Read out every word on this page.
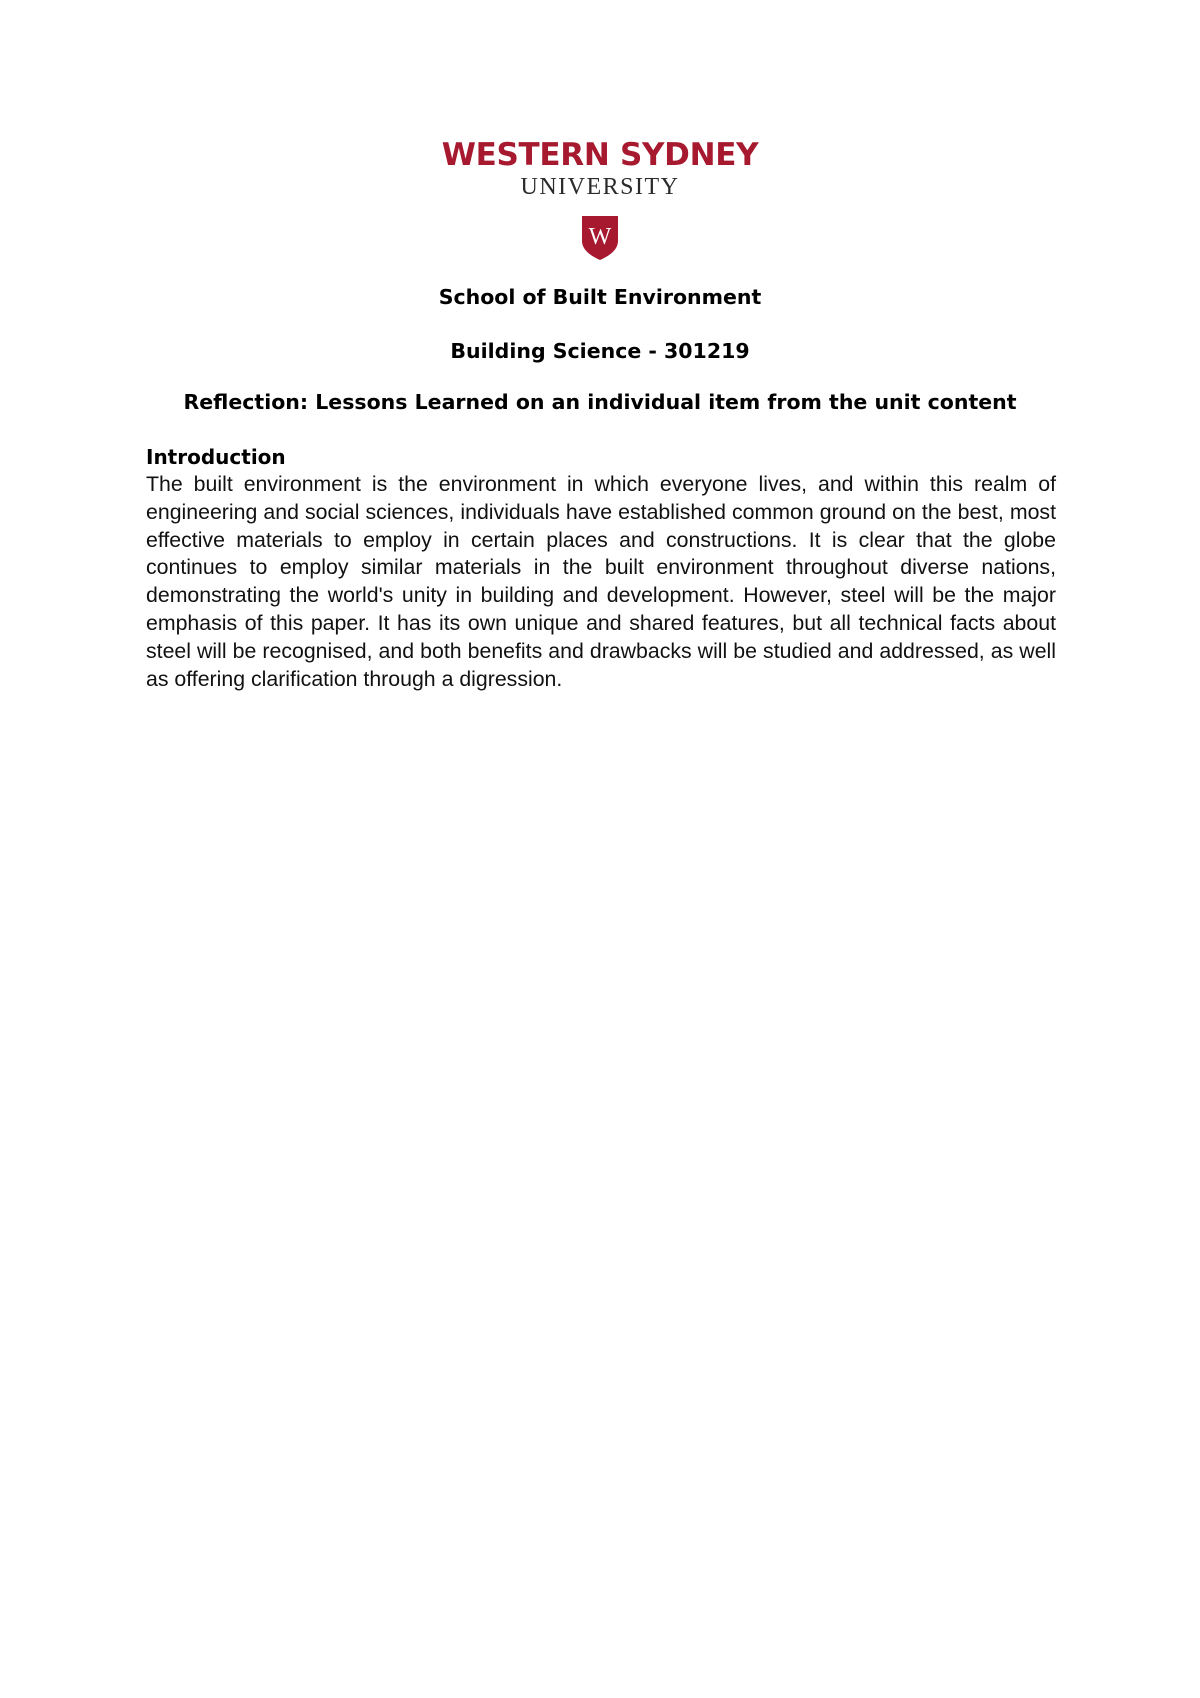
WESTERN SYDNEY

UNIVERSITY

W

School of Built Environment

Building Science - 301219

Reflection: Lessons Learned on an individual item from the unit content

Introduction

The built environment is the environment in which everyone lives, and within this realm of engineering and social sciences, individuals have established common ground on the best, most effective materials to employ in certain places and constructions. It is clear that the globe continues to employ similar materials in the built environment throughout diverse nations, demonstrating the world's unity in building and development. However, steel will be the major emphasis of this paper. It has its own unique and shared features, but all technical facts about steel will be recognised, and both benefits and drawbacks will be studied and addressed, as well as offering clarification through a digression.
